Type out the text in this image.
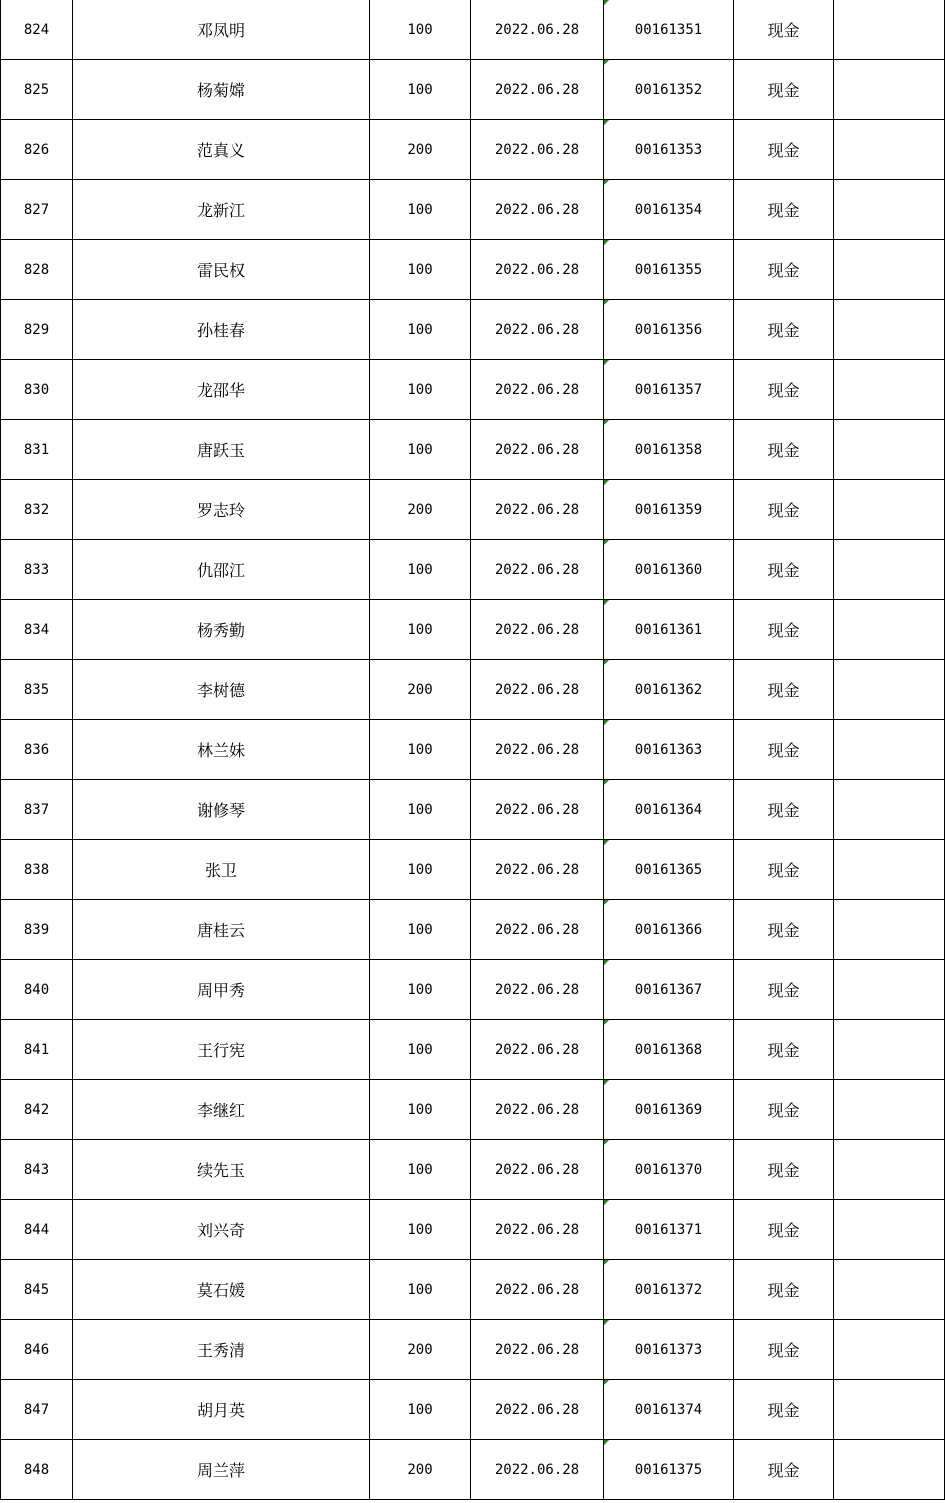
824	邓凤明	100	2022.06.28	00161351	现金	
825	杨菊嫦	100	2022.06.28	00161352	现金	
826	范真义	200	2022.06.28	00161353	现金	
827	龙新江	100	2022.06.28	00161354	现金	
828	雷民权	100	2022.06.28	00161355	现金	
829	孙桂春	100	2022.06.28	00161356	现金	
830	龙邵华	100	2022.06.28	00161357	现金	
831	唐跃玉	100	2022.06.28	00161358	现金	
832	罗志玲	200	2022.06.28	00161359	现金	
833	仇邵江	100	2022.06.28	00161360	现金	
834	杨秀勤	100	2022.06.28	00161361	现金	
835	李树德	200	2022.06.28	00161362	现金	
836	林兰妹	100	2022.06.28	00161363	现金	
837	谢修琴	100	2022.06.28	00161364	现金	
838	张卫	100	2022.06.28	00161365	现金	
839	唐桂云	100	2022.06.28	00161366	现金	
840	周甲秀	100	2022.06.28	00161367	现金	
841	王行宪	100	2022.06.28	00161368	现金	
842	李继红	100	2022.06.28	00161369	现金	
843	续先玉	100	2022.06.28	00161370	现金	
844	刘兴奇	100	2022.06.28	00161371	现金	
845	莫石媛	100	2022.06.28	00161372	现金	
846	王秀清	200	2022.06.28	00161373	现金	
847	胡月英	100	2022.06.28	00161374	现金	
848	周兰萍	200	2022.06.28	00161375	现金	
